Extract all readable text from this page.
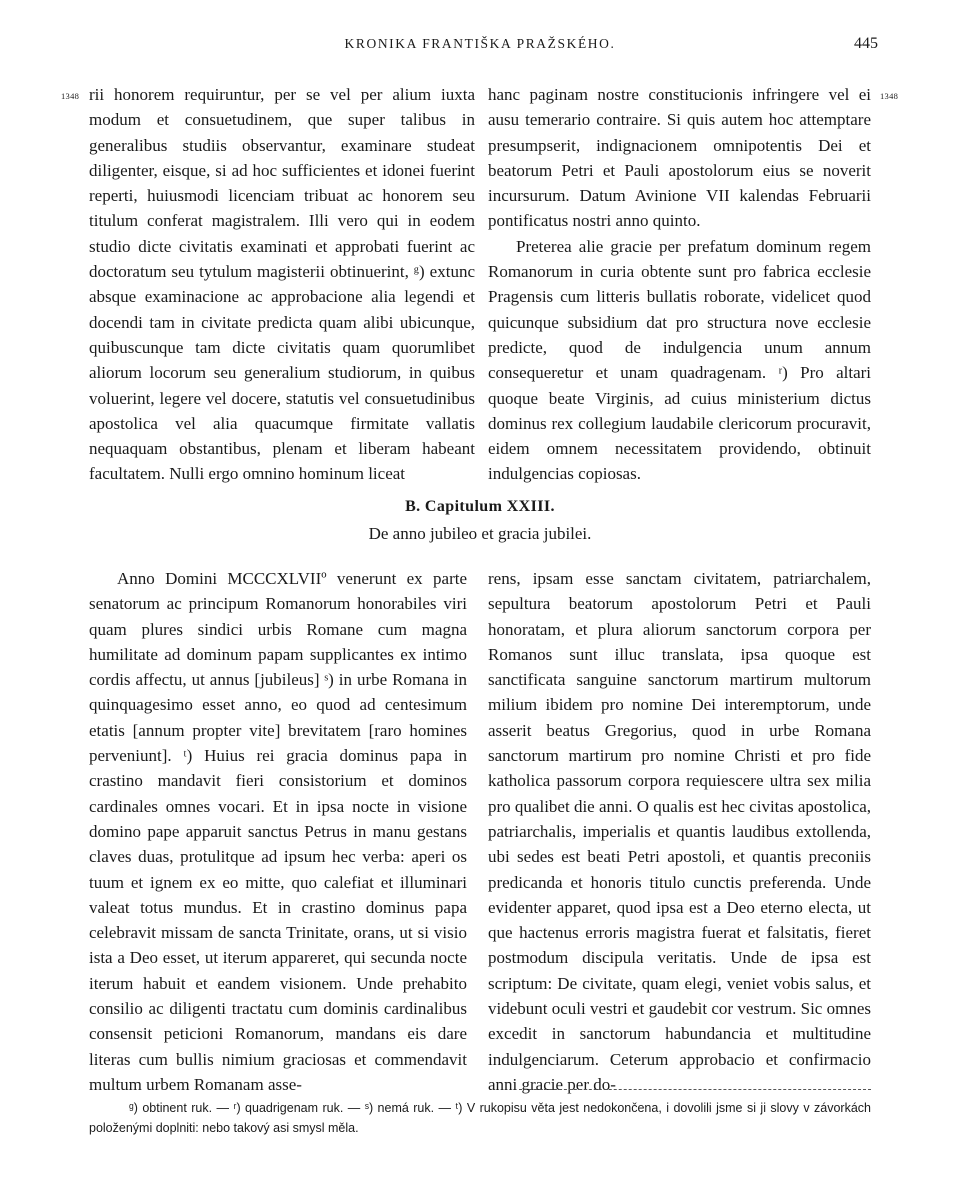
KRONIKA FRANTIŠKA PRAŽSKÉHO.	445
1348	1348

rii honorem requiruntur, per se vel per alium iuxta modum et consuetudinem, que super talibus in generalibus studiis observantur, examinare studeat diligenter, eisque, si ad hoc sufficientes et idonei fuerint reperti, huiusmodi licenciam tribuat ac honorem seu titulum conferat magistralem. Illi vero qui in eodem studio dicte civitatis examinati et approbati fuerint ac doctoratum seu tytulum magisterii obtinuerint, ᵍ) extunc absque examinacione ac approbacione alia legendi et docendi tam in civitate predicta quam alibi ubicunque, quibuscunque tam dicte civitatis quam quorumlibet aliorum locorum seu generalium studiorum, in quibus voluerint, legere vel docere, statutis vel consuetudinibus apostolica vel alia quacumque firmitate vallatis nequaquam obstantibus, plenam et liberam habeant facultatem. Nulli ergo omnino hominum liceat

hanc paginam nostre constitucionis infringere vel ei ausu temerario contraire. Si quis autem hoc attemptare presumpserit, indignacionem omnipotentis Dei et beatorum Petri et Pauli apostolorum eius se noverit incursurum. Datum Avinione VII kalendas Februarii pontificatus nostri anno quinto.

Preterea alie gracie per prefatum dominum regem Romanorum in curia obtente sunt pro fabrica ecclesie Pragensis cum litteris bullatis roborate, videlicet quod quicunque subsidium dat pro structura nove ecclesie predicte, quod de indulgencia unum annum consequeretur et unam quadragenam. ʳ) Pro altari quoque beate Virginis, ad cuius ministerium dictus dominus rex collegium laudabile clericorum procuravit, eidem omnem necessitatem providendo, obtinuit indulgencias copiosas.

B. Capitulum XXIII.
De anno jubileo et gracia jubilei.

Anno Domini MCCCXLVIIº venerunt ex parte senatorum ac principum Romanorum honorabiles viri quam plures sindici urbis Romane cum magna humilitate ad dominum papam supplicantes ex intimo cordis affectu, ut annus [jubileus] ˢ) in urbe Romana in quinquagesimo esset anno, eo quod ad centesimum etatis [annum propter vite] brevitatem [raro homines perveniunt]. ᵗ) Huius rei gracia dominus papa in crastino mandavit fieri consistorium et dominos cardinales omnes vocari. Et in ipsa nocte in visione domino pape apparuit sanctus Petrus in manu gestans claves duas, protulitque ad ipsum hec verba: aperi os tuum et ignem ex eo mitte, quo calefiat et illuminari valeat totus mundus. Et in crastino dominus papa celebravit missam de sancta Trinitate, orans, ut si visio ista a Deo esset, ut iterum appareret, qui secunda nocte iterum habuit et eandem visionem. Unde prehabito consilio ac diligenti tractatu cum dominis cardinalibus consensit peticioni Romanorum, mandans eis dare literas cum bullis nimium graciosas et commendavit multum urbem Romanam asse-

rens, ipsam esse sanctam civitatem, patriarchalem, sepultura beatorum apostolorum Petri et Pauli honoratam, et plura aliorum sanctorum corpora per Romanos sunt illuc translata, ipsa quoque est sanctificata sanguine sanctorum martirum multorum milium ibidem pro nomine Dei interemptorum, unde asserit beatus Gregorius, quod in urbe Romana sanctorum martirum pro nomine Christi et pro fide katholica passorum corpora requiescere ultra sex milia pro qualibet die anni. O qualis est hec civitas apostolica, patriarchalis, imperialis et quantis laudibus extollenda, ubi sedes est beati Petri apostoli, et quantis preconiis predicanda et honoris titulo cunctis preferenda. Unde evidenter apparet, quod ipsa est a Deo eterno electa, ut que hactenus erroris magistra fuerat et falsitatis, fieret postmodum discipula veritatis. Unde de ipsa est scriptum: De civitate, quam elegi, veniet vobis salus, et videbunt oculi vestri et gaudebit cor vestrum. Sic omnes excedit in sanctorum habundancia et multitudine indulgenciarum. Ceterum approbacio et confirmacio anni gracie per do-

ᵍ) obtinent ruk. — ʳ) quadrigenam ruk. — ˢ) nemá ruk. — ᵗ) V rukopisu věta jest nedokončena, i dovolili jsme si ji slovy v závorkách položenými doplniti: nebo takový asi smysl měla.
